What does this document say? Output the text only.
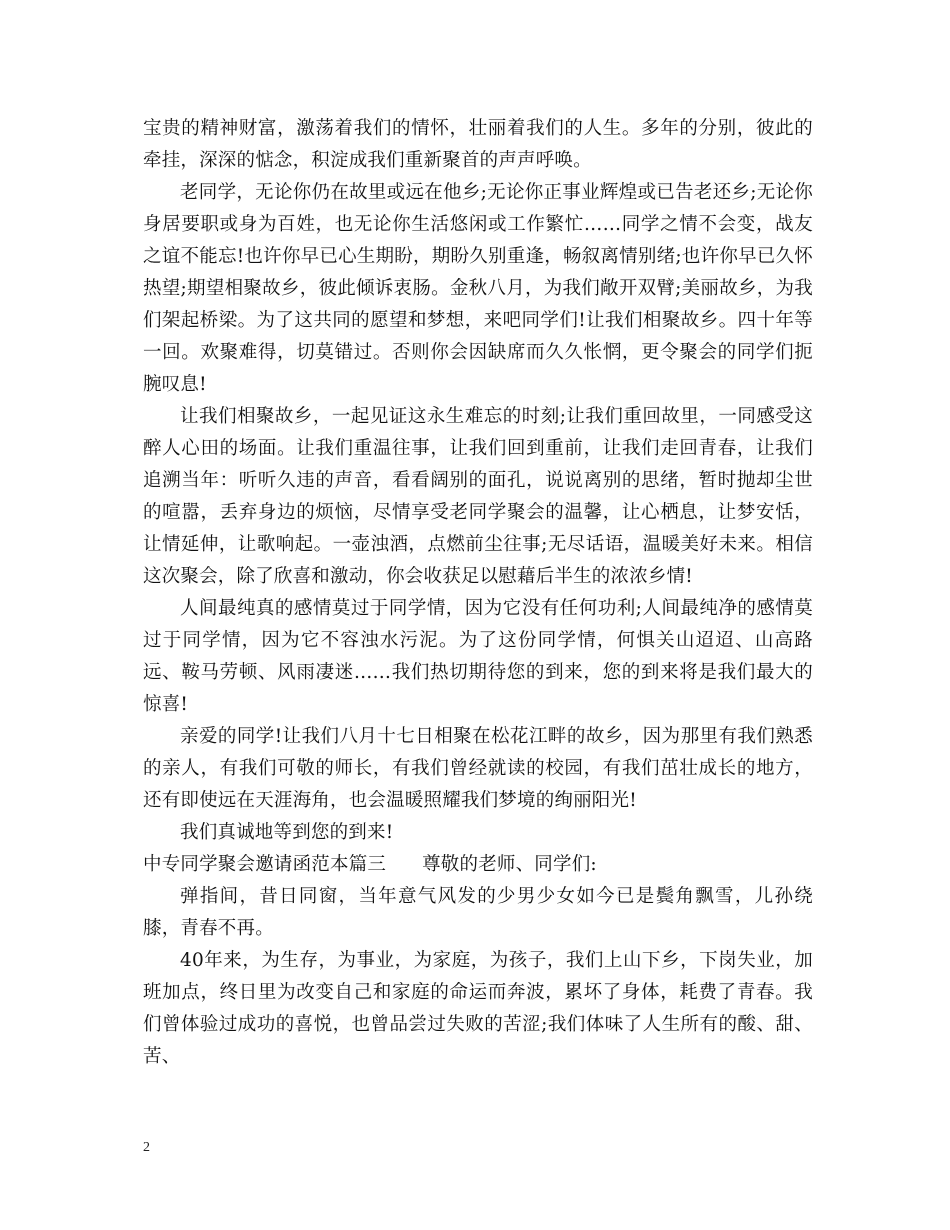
宝贵的精神财富，激荡着我们的情怀，壮丽着我们的人生。多年的分别，彼此的牵挂，深深的惦念，积淀成我们重新聚首的声声呼唤。

老同学，无论你仍在故里或远在他乡;无论你正事业辉煌或已告老还乡;无论你身居要职或身为百姓，也无论你生活悠闲或工作繁忙……同学之情不会变，战友之谊不能忘!也许你早已心生期盼，期盼久别重逢，畅叙离情别绪;也许你早已久怀热望;期望相聚故乡，彼此倾诉衷肠。金秋八月，为我们敞开双臂;美丽故乡，为我们架起桥梁。为了这共同的愿望和梦想，来吧同学们!让我们相聚故乡。四十年等一回。欢聚难得，切莫错过。否则你会因缺席而久久怅惘，更令聚会的同学们扼腕叹息!

让我们相聚故乡，一起见证这永生难忘的时刻;让我们重回故里，一同感受这醉人心田的场面。让我们重温往事，让我们回到重前，让我们走回青春，让我们追溯当年：听听久违的声音，看看阔别的面孔，说说离别的思绪，暂时抛却尘世的喧嚣，丢弃身边的烦恼，尽情享受老同学聚会的温馨，让心栖息，让梦安恬，让情延伸，让歌响起。一壶浊酒，点燃前尘往事;无尽话语，温暖美好未来。相信这次聚会，除了欣喜和激动，你会收获足以慰藉后半生的浓浓乡情!

人间最纯真的感情莫过于同学情，因为它没有任何功利;人间最纯净的感情莫过于同学情，因为它不容浊水污泥。为了这份同学情，何惧关山迢迢、山高路远、鞍马劳顿、风雨凄迷……我们热切期待您的到来，您的到来将是我们最大的惊喜!

亲爱的同学!让我们八月十七日相聚在松花江畔的故乡，因为那里有我们熟悉的亲人，有我们可敬的师长，有我们曾经就读的校园，有我们茁壮成长的地方，还有即使远在天涯海角，也会温暖照耀我们梦境的绚丽阳光!

我们真诚地等到您的到来!

中专同学聚会邀请函范本篇三 尊敬的老师、同学们:

弹指间，昔日同窗，当年意气风发的少男少女如今已是鬓角飘雪，儿孙绕膝，青春不再。

40年来，为生存，为事业，为家庭，为孩子，我们上山下乡，下岗失业，加班加点，终日里为改变自己和家庭的命运而奔波，累坏了身体，耗费了青春。我们曾体验过成功的喜悦，也曾品尝过失败的苦涩;我们体味了人生所有的酸、甜、苦、

2
